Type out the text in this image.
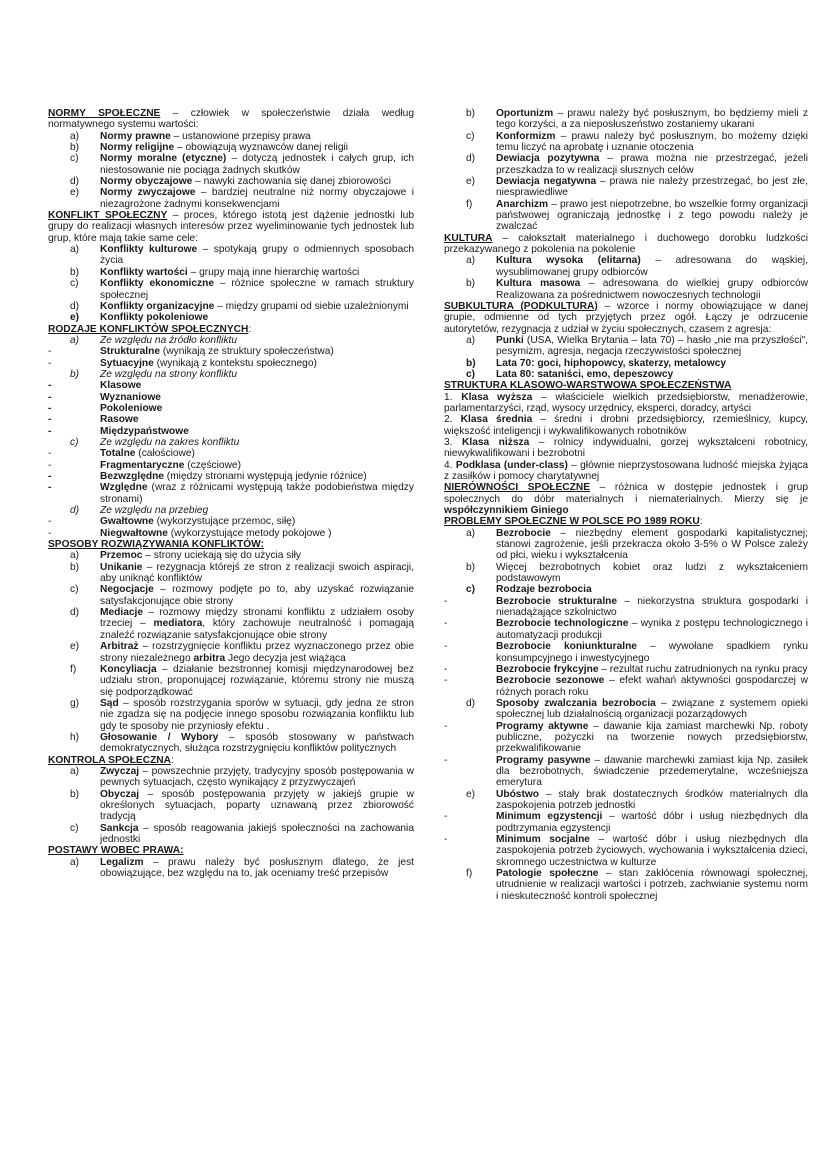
NORMY SPOŁECZNE – człowiek w społeczeństwie działa według normatywnego systemu wartości:

a)	Normy prawne – ustanowione przepisy prawa
b)	Normy religijne – obowiązują wyznawców danej religii
c)	Normy moralne (etyczne) – dotyczą jednostek i całych grup, ich niestosowanie nie pociąga żadnych skutków
d)	Normy obyczajowe – nawyki zachowania się danej zbiorowości
e)	Normy zwyczajowe – bardziej neutralne niż normy obyczajowe i niezagrożone żadnymi konsekwencjami

KONFLIKT SPOŁECZNY – proces, którego istotą jest dążenie jednostki lub grupy do realizacji własnych interesów przez wyeliminowanie tych jednostek lub grup, które mają takie same cele:

a)	Konflikty kulturowe – spotykają grupy o odmiennych sposobach życia
b)	Konflikty wartości – grupy mają inne hierarchię wartości
c)	Konflikty ekonomiczne – różnice społeczne w ramach struktury społecznej
d)	Konflikty organizacyjne – między grupami od siebie uzależnionymi
e)	Konflikty pokoleniowe

RODZAJE KONFLIKTÓW SPOŁECZNYCH:

a)	Ze względu na źródło konfliktu
-	Strukturalne (wynikają ze struktury społeczeństwa)
-	Sytuacyjne (wynikają z kontekstu społecznego)
b)	Ze względu na strony konfliktu
-	Klasowe
-	Wyznaniowe
-	Pokoleniowe
-	Rasowe
-	Międzypaństwowe
c)	Ze względu na zakres konfliktu
-	Totalne (całościowe)
-	Fragmentaryczne (częściowe)
-	Bezwzględne (między stronami występują jedynie różnice)
-	Względne (wraz z różnicami występują także podobieństwa między stronami)
d)	Ze względu na przebieg
-	Gwałtowne (wykorzystujące przemoc, siłę)
-	Niegwałtowne (wykorzystujące metody pokojowe )

SPOSOBY ROZWIĄZYWANIA KONFLIKTÓW:

a)	Przemoc – strony uciekają się do użycia siły
b)	Unikanie – rezygnacja którejś ze stron z realizacji swoich aspiracji, aby uniknąć konfliktów
c)	Negocjacje – rozmowy podjęte po to, aby uzyskać rozwiązanie satysfakcjonujące obie strony
d)	Mediacje – rozmowy między stronami konfliktu z udziałem osoby trzeciej – mediatora, który zachowuje neutralność i pomagają znaleźć rozwiązanie satysfakcjonujące obie strony
e)	Arbitraż – rozstrzygnięcie konfliktu przez wyznaczonego przez obie strony niezależnego arbitra Jego decyzja jest wiążąca
f)	Koncyliacja – działanie bezstronnej komisji międzynarodowej bez udziału stron, proponującej rozwiązanie, któremu strony nie muszą się podporządkować
g)	Sąd – sposób rozstrzygania sporów w sytuacji, gdy jedna ze stron nie zgadza się na podjęcie innego sposobu rozwiązania konfliktu lub gdy te sposoby nie przyniosły efektu .
h)	Głosowanie / Wybory – sposób stosowany w państwach demokratycznych, służąca rozstrzygnięciu konfliktów politycznych

KONTROLA SPOŁECZNA:

a)	Zwyczaj – powszechnie przyjęty, tradycyjny sposób postępowania w pewnych sytuacjach, często wynikający z przyzwyczajeń
b)	Obyczaj – sposób postępowania przyjęty w jakiejś grupie w określonych sytuacjach, poparty uznawaną przez zbiorowość tradycją
c)	Sankcja – sposób reagowania jakiejś społeczności na zachowania jednostki

POSTAWY WOBEC PRAWA:

a)	Legalizm – prawu należy być posłusznym dlatego, że jest obowiązujące, bez względu na to, jak oceniamy treść przepisów
b)	Oportunizm – prawu należy być posłusznym, bo będziemy mieli z tego korzyści, a za nieposłuszeństwo zostaniemy ukarani
c)	Konformizm – prawu należy być posłusznym, bo możemy dzięki temu liczyć na aprobatę i uznanie otoczenia
d)	Dewiacja pozytywna – prawa można nie przestrzegać, jeżeli przeszkadza to w realizacji słusznych celów
e)	Dewiacja negatywna – prawa nie należy przestrzegać, bo jest złe, niesprawiedliwe
f)	Anarchizm – prawo jest niepotrzebne, bo wszelkie formy organizacji państwowej ograniczają jednostkę i z tego powodu należy je zwalczać

KULTURA – całokształt materialnego i duchowego dorobku ludzkości przekazywanego z pokolenia na pokolenie

a)	Kultura wysoka (elitarna) – adresowana do wąskiej, wysublimowanej grupy odbiorców
b)	Kultura masowa – adresowana do wielkiej grupy odbiorców Realizowana za pośrednictwem nowoczesnych technologii

SUBKULTURA (PODKULTURA) – wzorce i normy obowiązujące w danej grupie, odmienne od tych przyjętych przez ogół. Łączy je odrzucenie autorytetów, rezygnacja z udział w życiu społecznych, czasem z agresja:

a)	Punki (USA, Wielka Brytania – lata 70) – hasło „nie ma przyszłości", pesymizm, agresja, negacja rzeczywistości społecznej
b)	Lata 70: goci, hiphopowcy, skaterzy, metalowcy
c)	Lata 80: sataniści, emo, depeszowcy

STRUKTURA KLASOWO-WARSTWOWA SPOŁECZEŃSTWA

1. Klasa wyższa – właściciele wielkich przedsiębiorstw, menadżerowie, parlamentarzyści, rząd, wysocy urzędnicy, eksperci, doradcy, artyści

2. Klasa średnia – średni i drobni przedsiębiorcy, rzemieślnicy, kupcy, większość inteligencji i wykwalifikowanych robotników

3. Klasa niższa – rolnicy indywidualni, gorzej wykształceni robotnicy, niewykwalifikowani i bezrobotni

4. Podklasa (under-class) – głównie nieprzystosowana ludność miejska żyjąca z zasiłków i pomocy charytatywnej

NIERÓWNOŚCI SPOŁECZNE – różnica w dostępie jednostek i grup społecznych do dóbr materialnych i niematerialnych. Mierzy się je współczynnikiem Giniego

PROBLEMY SPOŁECZNE W POLSCE PO 1989 ROKU:

a)	Bezrobocie – niezbędny element gospodarki kapitalistycznej; stanowi zagrożenie, jeśli przekracza około 3-5% o W Polsce zależy od płci, wieku i wykształcenia
b)	Więcej bezrobotnych kobiet oraz ludzi z wykształceniem podstawowym
c)	Rodzaje bezrobocia
-	Bezrobocie strukturalne – niekorzystna struktura gospodarki i nienadążające szkolnictwo
-	Bezrobocie technologiczne – wynika z postępu technologicznego i automatyzacji produkcji
-	Bezrobocie koniunkturalne – wywołane spadkiem rynku konsumpcyjnego i inwestycyjnego
-	Bezrobocie frykcyjne – rezultat ruchu zatrudnionych na rynku pracy
-	Bezrobocie sezonowe – efekt wahań aktywności gospodarczej w różnych porach roku
d)	Sposoby zwalczania bezrobocia – związane z systemem opieki społecznej lub działalnością organizacji pozarządowych
-	Programy aktywne – dawanie kija zamiast marchewki Np. roboty publiczne, pożyczki na tworzenie nowych przedsiębiorstw, przekwalifikowanie
-	Programy pasywne – dawanie marchewki zamiast kija Np. zasiłek dla bezrobotnych, świadczenie przedemerytalne, wcześniejsza emerytura
e)	Ubóstwo – stały brak dostatecznych środków materialnych dla zaspokojenia potrzeb jednostki
-	Minimum egzystencji – wartość dóbr i usług niezbędnych dla podtrzymania egzystencji
-	Minimum socjalne – wartość dóbr i usług niezbędnych dla zaspokojenia potrzeb życiowych, wychowania i wykształcenia dzieci, skromnego uczestnictwa w kulturze
f)	Patologie społeczne – stan zakłócenia równowagi społecznej, utrudnienie w realizacji wartości i potrzeb, zachwianie systemu norm i nieskuteczność kontroli społecznej
